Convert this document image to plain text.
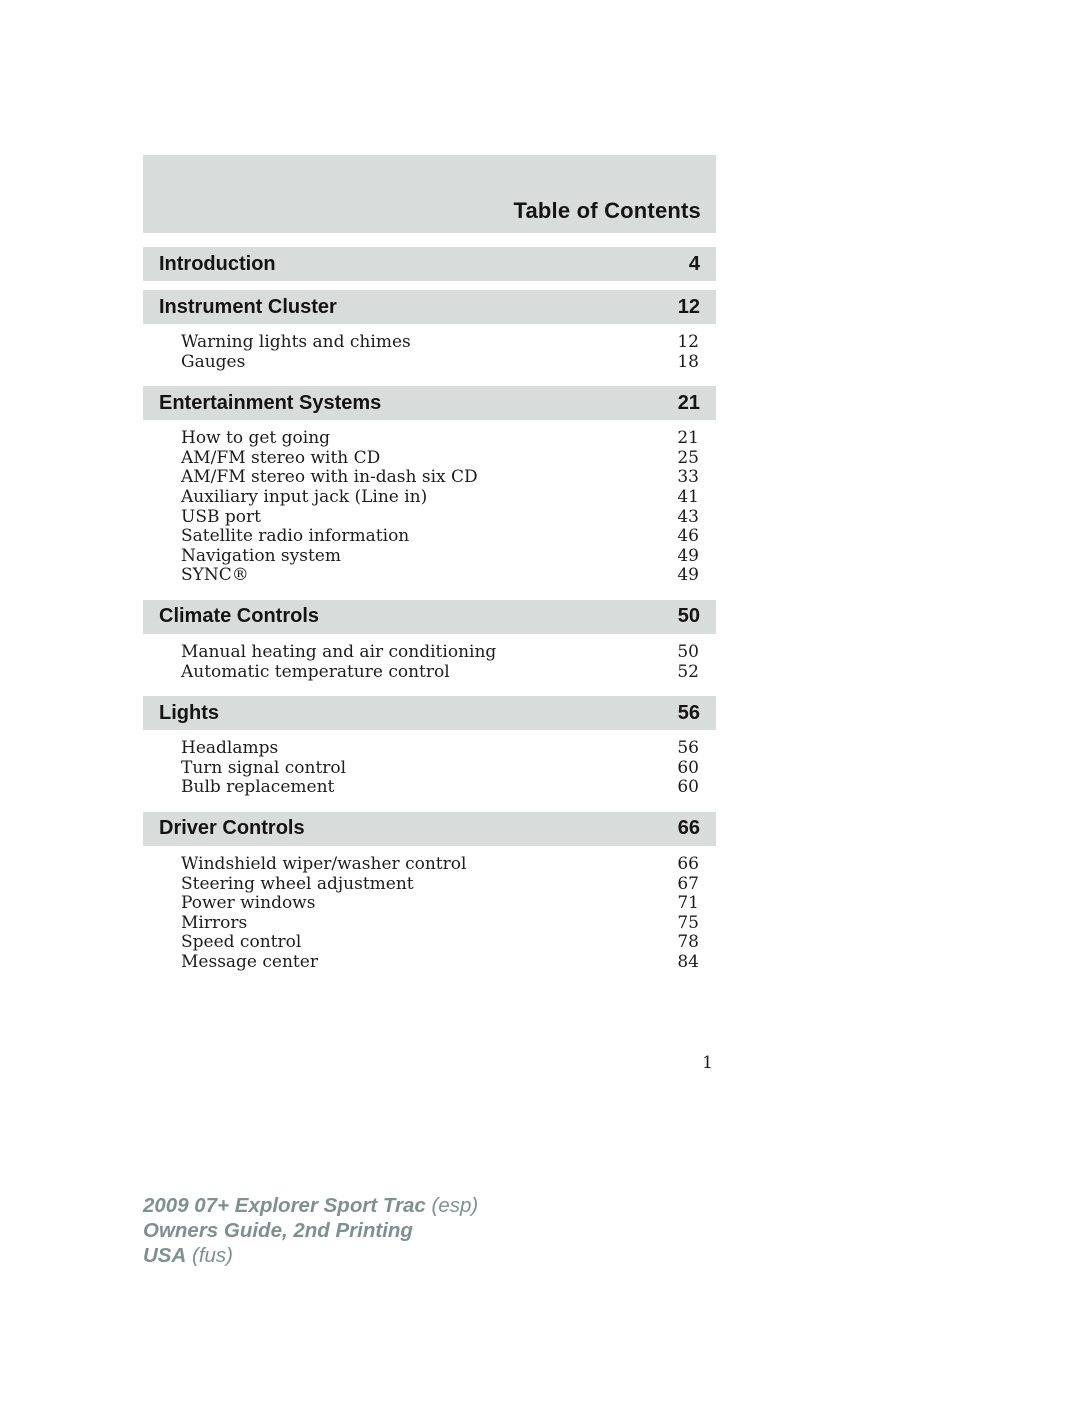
Table of Contents
Introduction	4
Instrument Cluster	12
Warning lights and chimes	12
Gauges	18
Entertainment Systems	21
How to get going	21
AM/FM stereo with CD	25
AM/FM stereo with in-dash six CD	33
Auxiliary input jack (Line in)	41
USB port	43
Satellite radio information	46
Navigation system	49
SYNC®	49
Climate Controls	50
Manual heating and air conditioning	50
Automatic temperature control	52
Lights	56
Headlamps	56
Turn signal control	60
Bulb replacement	60
Driver Controls	66
Windshield wiper/washer control	66
Steering wheel adjustment	67
Power windows	71
Mirrors	75
Speed control	78
Message center	84
1
2009 07+ Explorer Sport Trac (esp)
Owners Guide, 2nd Printing
USA (fus)
